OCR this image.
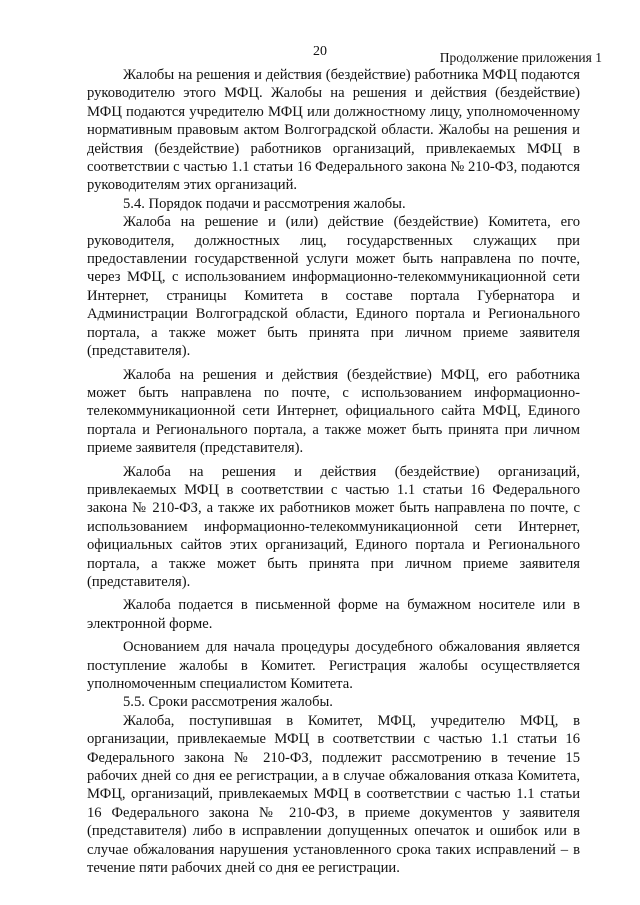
20	Продолжение приложения 1

Жалобы на решения и действия (бездействие) работника МФЦ подаются руководителю этого МФЦ. Жалобы на решения и действия (бездействие) МФЦ подаются учредителю МФЦ или должностному лицу, уполномоченному нормативным правовым актом Волгоградской области. Жалобы на решения и действия (бездействие) работников организаций, привлекаемых МФЦ в соответствии с частью 1.1 статьи 16 Федерального закона № 210-ФЗ, подаются руководителям этих организаций.

5.4. Порядок подачи и рассмотрения жалобы.

Жалоба на решение и (или) действие (бездействие) Комитета, его руководителя, должностных лиц, государственных служащих при предоставлении государственной услуги может быть направлена по почте, через МФЦ, с использованием информационно-телекоммуникационной сети Интернет, страницы Комитета в составе портала Губернатора и Администрации Волгоградской области, Единого портала и Регионального портала, а также может быть принята при личном приеме заявителя (представителя).

Жалоба на решения и действия (бездействие) МФЦ, его работника может быть направлена по почте, с использованием информационно-телекоммуникационной сети Интернет, официального сайта МФЦ, Единого портала и Регионального портала, а также может быть принята при личном приеме заявителя (представителя).

Жалоба на решения и действия (бездействие) организаций, привлекаемых МФЦ в соответствии с частью 1.1 статьи 16 Федерального закона № 210-ФЗ, а также их работников может быть направлена по почте, с использованием информационно-телекоммуникационной сети Интернет, официальных сайтов этих организаций, Единого портала и Регионального портала, а также может быть принята при личном приеме заявителя (представителя).

Жалоба подается в письменной форме на бумажном носителе или в электронной форме.

Основанием для начала процедуры досудебного обжалования является поступление жалобы в Комитет. Регистрация жалобы осуществляется уполномоченным специалистом Комитета.

5.5. Сроки рассмотрения жалобы.

Жалоба, поступившая в Комитет, МФЦ, учредителю МФЦ, в организации, привлекаемые МФЦ в соответствии с частью 1.1 статьи 16 Федерального закона № 210-ФЗ, подлежит рассмотрению в течение 15 рабочих дней со дня ее регистрации, а в случае обжалования отказа Комитета, МФЦ, организаций, привлекаемых МФЦ в соответствии с частью 1.1 статьи 16 Федерального закона № 210-ФЗ, в приеме документов у заявителя (представителя) либо в исправлении допущенных опечаток и ошибок или в случае обжалования нарушения установленного срока таких исправлений – в течение пяти рабочих дней со дня ее регистрации.
